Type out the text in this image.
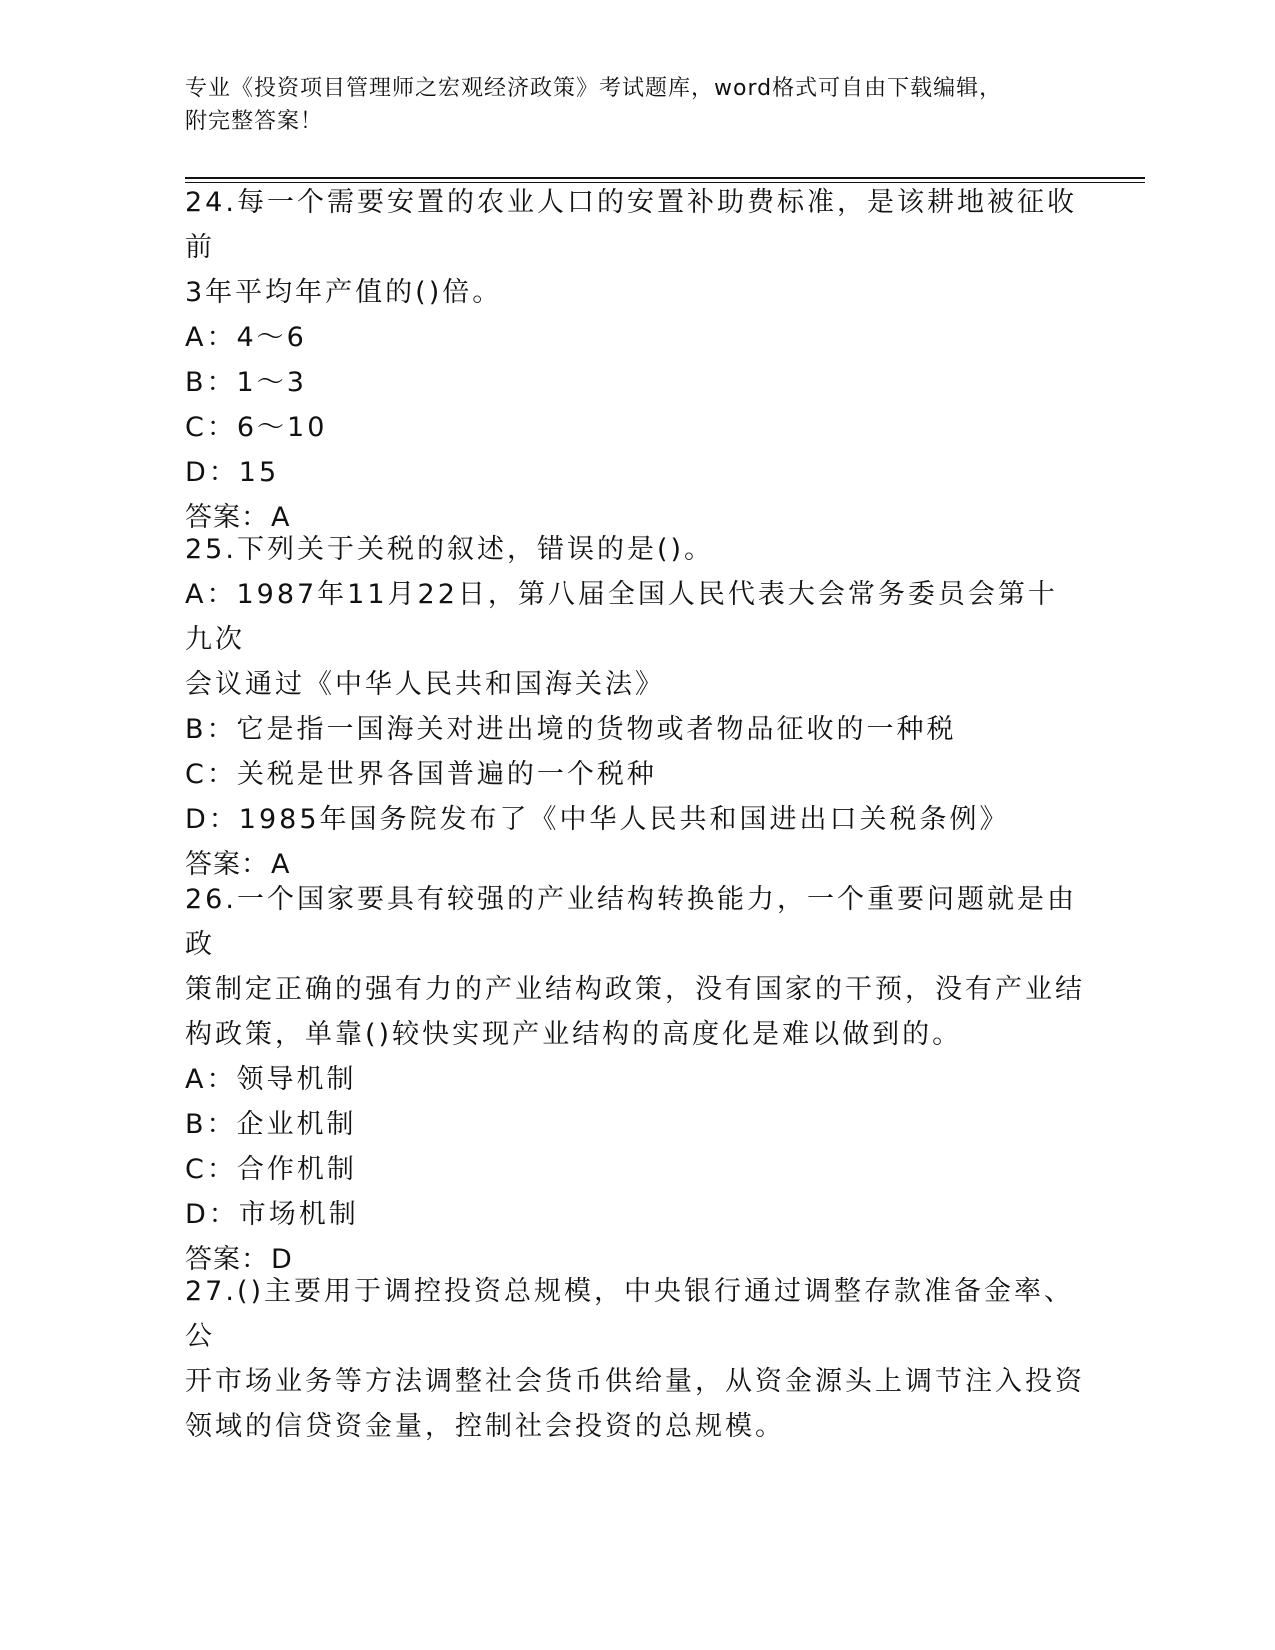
专业《投资项目管理师之宏观经济政策》考试题库，word格式可自由下载编辑，
附完整答案！
24.每一个需要安置的农业人口的安置补助费标准，是该耕地被征收前
3年平均年产值的()倍。
A：4～6
B：1～3
C：6～10
D：15
答案：A
25.下列关于关税的叙述，错误的是()。
A：1987年11月22日，第八届全国人民代表大会常务委员会第十九次
会议通过《中华人民共和国海关法》
B：它是指一国海关对进出境的货物或者物品征收的一种税
C：关税是世界各国普遍的一个税种
D：1985年国务院发布了《中华人民共和国进出口关税条例》
答案：A
26.一个国家要具有较强的产业结构转换能力，一个重要问题就是由政
策制定正确的强有力的产业结构政策，没有国家的干预，没有产业结
构政策，单靠()较快实现产业结构的高度化是难以做到的。
A：领导机制
B：企业机制
C：合作机制
D：市场机制
答案：D
27.()主要用于调控投资总规模，中央银行通过调整存款准备金率、公
开市场业务等方法调整社会货币供给量，从资金源头上调节注入投资
领域的信贷资金量，控制社会投资的总规模。
